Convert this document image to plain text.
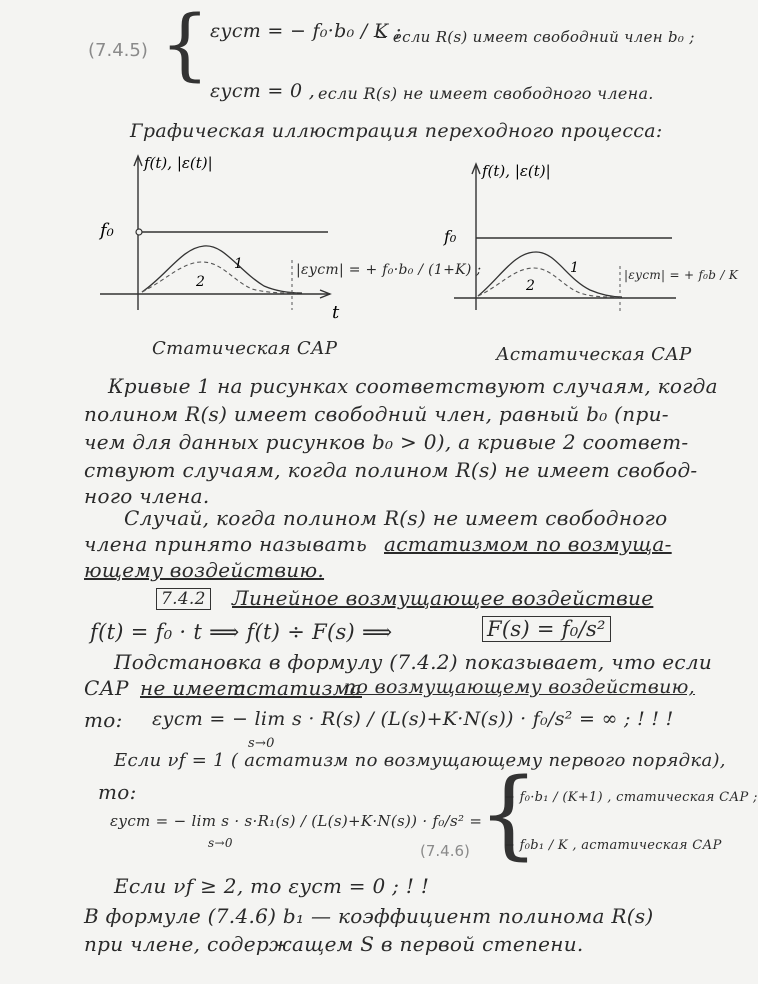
(7.4.5) { εуст = − f₀·b₀ / K ;
− если R(s) имеет свободний член b₀ ;
εуст = 0 , если R(s) не имеет свободного члена.
Графическая иллюстрация переходного процесса:
f₀
f(t), |ε(t)|
t
1
2
|εуст| = + f₀·b₀ / (1+K) ;
Статическая САР
f₀
f(t), |ε(t)|
1
2
|εуст| = + f₀b / K
Астатическая САР
Кривые 1 на рисунках соответствуют случаям, когда
полином R(s) имеет свободний член, равный b₀ (при-
чем для данных рисунков b₀ > 0), а кривые 2 соответ-
ствуют случаям, когда полином R(s) не имеет свобод-
ного члена.
Случай, когда полином R(s) не имеет свободного
члена принято называть астатизмом по возмуща-
ющему воздействию.
7.4.2 Линейное возмущающее воздействие
f(t) = f₀ · t ⟹ f(t) ÷ F(s) ⟹	F(s) = f₀/s²
Подстановка в формулу (7.4.2) показывает, что если
САР не имеет
астатизма
по возмущающему воздействию,
то: εуст = − lim s · R(s) / (L(s)+K·N(s)) · f₀/s² = ∞ ; ! ! !
s→0
Если νf = 1 ( астатизм по возмущающему первого порядка),
то:
εуст = − lim s · s·R₁(s) / (L(s)+K·N(s)) · f₀/s² =
s→0	{
− f₀·b₁ / (K+1) , статическая САР ;
− f₀b₁ / K , астатическая САР
(7.4.6)
Если νf ≥ 2, то εуст = 0 ; ! !
В формуле (7.4.6) b₁ — коэффициент полинома R(s)
при члене, содержащем S в первой степени.
